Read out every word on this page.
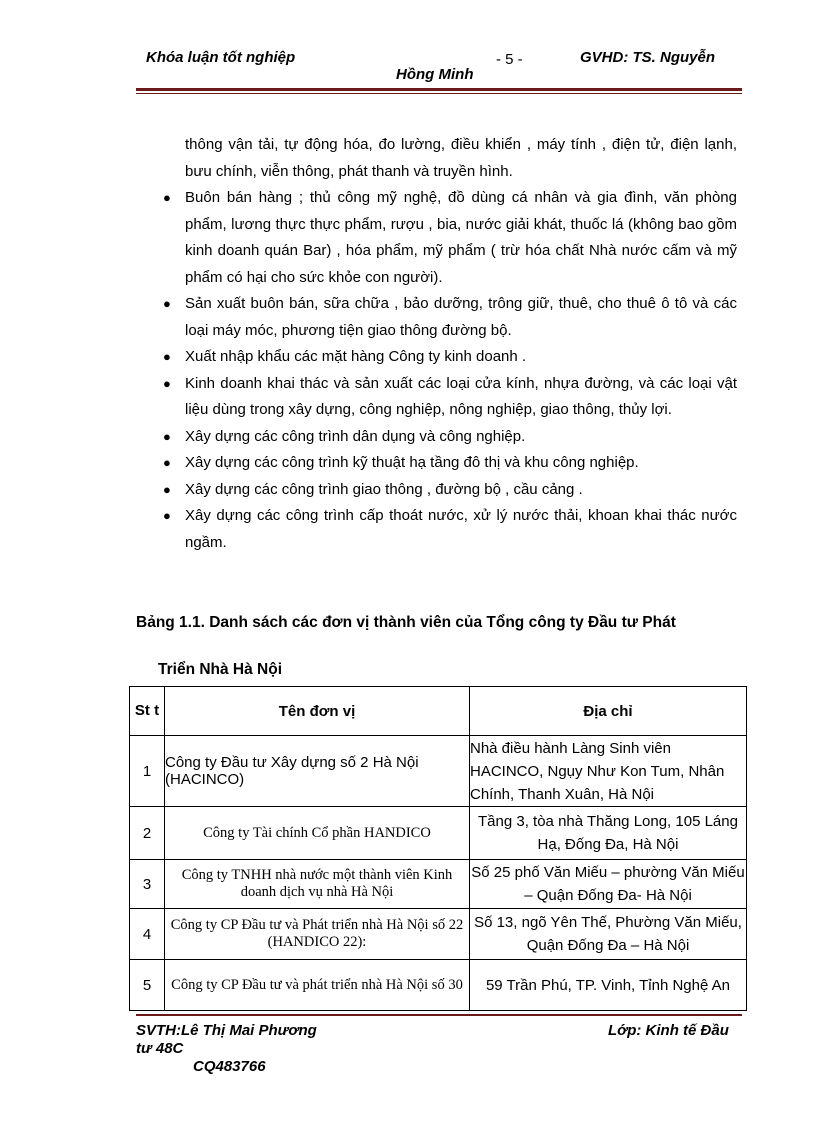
Khóa luận tốt nghiệp	- 5 -	GVHD: TS. Nguyễn
Hồng Minh
thông vận tải, tự động hóa, đo lường, điều khiển , máy tính , điện tử, điện lạnh, bưu chính, viễn thông, phát thanh và truyền hình.
● Buôn bán hàng ; thủ công mỹ nghệ, đồ dùng cá nhân và gia đình, văn phòng phẩm, lương thực thực phẩm, rượu , bia, nước giải khát, thuốc lá (không bao gồm kinh doanh quán Bar) , hóa phẩm, mỹ phẩm ( trừ hóa chất Nhà nước cấm và mỹ phẩm có hại cho sức khỏe con người).
● Sản xuất buôn bán, sữa chữa , bảo dưỡng, trông giữ, thuê, cho thuê ô tô và các loại máy móc, phương tiện giao thông đường bộ.
● Xuất nhập khẩu các mặt hàng Công ty kinh doanh .
● Kinh doanh khai thác và sản xuất các loại cửa kính, nhựa đường, và các loại vật liệu dùng trong xây dựng, công nghiệp, nông nghiệp, giao thông, thủy lợi.
● Xây dựng các công trình dân dụng và công nghiệp.
● Xây dựng các công trình kỹ thuật hạ tầng đô thị và khu công nghiệp.
● Xây dựng các công trình giao thông , đường bộ , cầu cảng .
● Xây dựng các công trình cấp thoát nước, xử lý nước thải, khoan khai thác nước ngầm.
Bảng 1.1. Danh sách các đơn vị thành viên của Tổng công ty Đầu tư Phát
Triển Nhà Hà Nội
St t	Tên đơn vị	Địa chỉ
1	Công ty Đầu tư Xây dựng số 2 Hà Nội (HACINCO)	Nhà điều hành Làng Sinh viên HACINCO, Ngụy Như Kon Tum, Nhân Chính, Thanh Xuân, Hà Nội
2	Công ty Tài chính Cổ phần HANDICO	Tầng 3, tòa nhà Thăng Long, 105 Láng Hạ, Đống Đa, Hà Nội
3	Công ty TNHH nhà nước một thành viên Kinh doanh dịch vụ nhà Hà Nội	Số 25 phố Văn Miếu – phường Văn Miếu – Quận Đống Đa- Hà Nội
4	Công ty CP Đầu tư và Phát triển nhà Hà Nội số 22 (HANDICO 22):	Số 13, ngõ Yên Thế, Phường Văn Miếu, Quận Đống Đa – Hà Nội
5	Công ty CP Đầu tư và phát triển nhà Hà Nội số 30	59 Trần Phú, TP. Vinh, Tỉnh Nghệ An
SVTH:Lê Thị Mai Phương	Lớp: Kinh tế Đầu
tư 48C
CQ483766
